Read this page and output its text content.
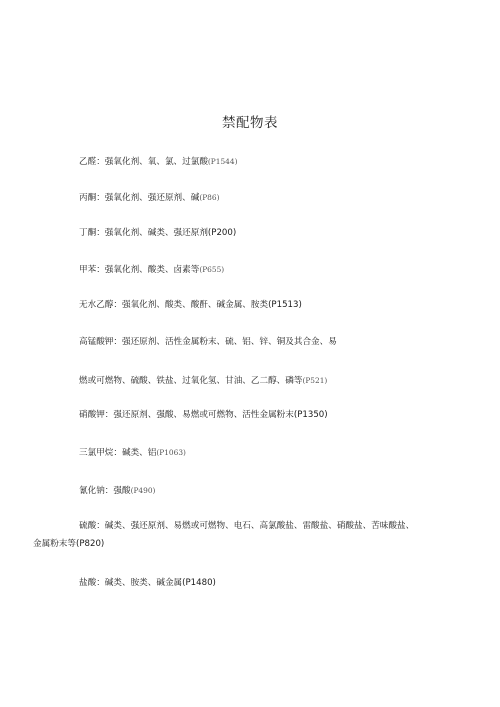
禁配物表
乙醛：强氧化剂、氧、氯、过氯酸(P1544)
丙酮：强氧化剂、强还原剂、碱(P86)
丁酮：强氧化剂、碱类、强还原剂(P200)
甲苯：强氧化剂、酸类、卤素等(P655)
无水乙醇：强氧化剂、酸类、酸酐、碱金属、胺类(P1513)
高锰酸钾：强还原剂、活性金属粉末、硫、铝、锌、铜及其合金、易
燃或可燃物、硫酸、铁盐、过氧化氢、甘油、乙二醇、磷等(P521)
硝酸钾：强还原剂、强酸、易燃或可燃物、活性金属粉末(P1350)
三氯甲烷：碱类、铝(P1063)
氰化钠：强酸(P490)
硫酸：碱类、强还原剂、易燃或可燃物、电石、高氯酸盐、雷酸盐、硝酸盐、苦味酸盐、
金属粉末等(P820)
盐酸：碱类、胺类、碱金属(P1480)
